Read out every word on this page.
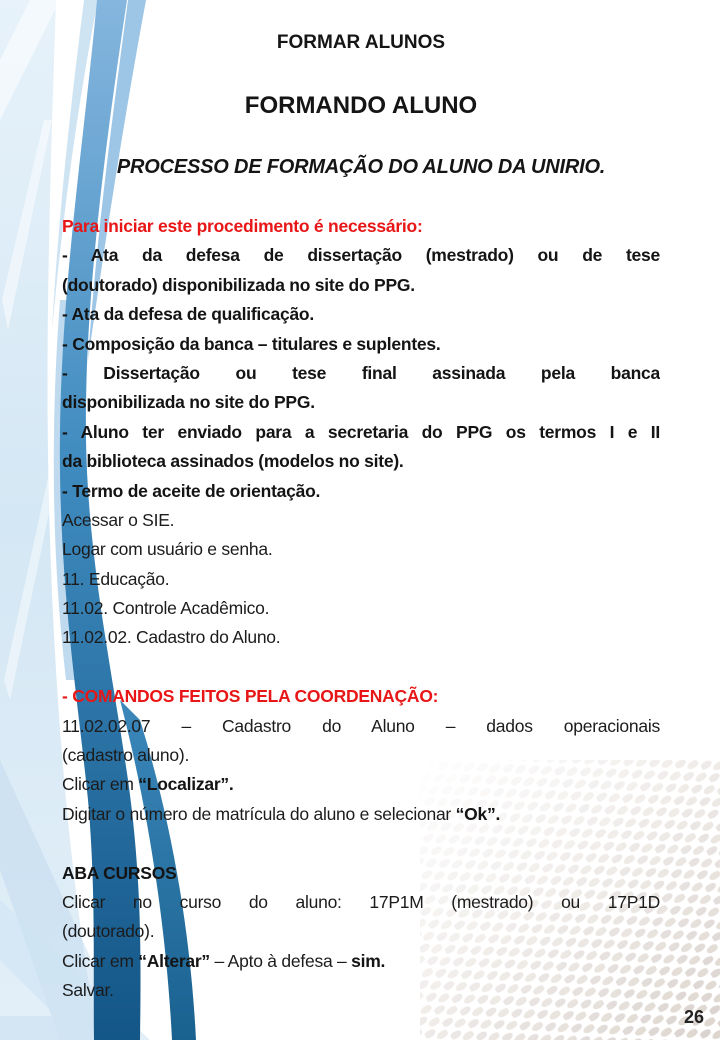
FORMAR ALUNOS
FORMANDO ALUNO
PROCESSO DE FORMAÇÃO DO ALUNO DA UNIRIO.
Para iniciar este procedimento é necessário:
- Ata da defesa de dissertação (mestrado) ou de tese
(doutorado) disponibilizada no site do PPG.
- Ata da defesa de qualificação.
- Composição da banca – titulares e suplentes.
- Dissertação ou tese final assinada pela banca
disponibilizada no site do PPG.
- Aluno ter enviado para a secretaria do PPG os termos I e II
da biblioteca assinados (modelos no site).
- Termo de aceite de orientação.
Acessar o SIE.
Logar com usuário e senha.
11. Educação.
11.02. Controle Acadêmico.
11.02.02. Cadastro do Aluno.
- COMANDOS FEITOS PELA COORDENAÇÃO:
11.02.02.07 – Cadastro do Aluno – dados operacionais
(cadastro aluno).
Clicar em “Localizar”.
Digitar o número de matrícula do aluno e selecionar “Ok”.
ABA CURSOS
Clicar no curso do aluno: 17P1M (mestrado) ou 17P1D
(doutorado).
Clicar em “Alterar” – Apto à defesa – sim.
Salvar.
26
